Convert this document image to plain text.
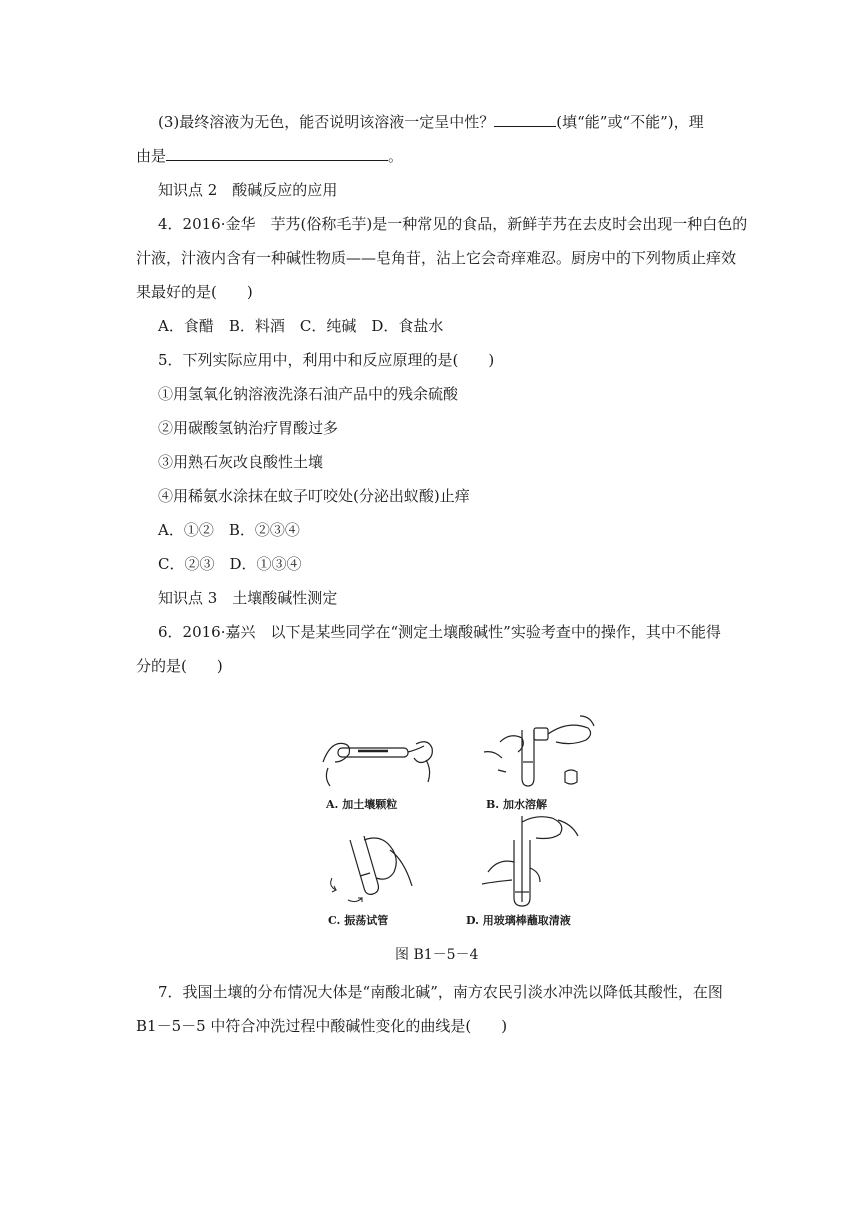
(3)最终溶液为无色，能否说明该溶液一定呈中性？	(填“能”或“不能”)，理
由是	。
知识点 2　酸碱反应的应用
4．2016·金华　芋艿(俗称毛芋)是一种常见的食品，新鲜芋艿在去皮时会出现一种白色的
汁液，汁液内含有一种碱性物质——皂角苷，沾上它会奇痒难忍。厨房中的下列物质止痒效
果最好的是(　　)
A．食醋　B．料酒　C．纯碱　D．食盐水
5．下列实际应用中，利用中和反应原理的是(　　)
①用氢氧化钠溶液洗涤石油产品中的残余硫酸
②用碳酸氢钠治疗胃酸过多
③用熟石灰改良酸性土壤
④用稀氨水涂抹在蚊子叮咬处(分泌出蚁酸)止痒
A．①②　B．②③④
C．②③　D．①③④
知识点 3　土壤酸碱性测定
6．2016·嘉兴　以下是某些同学在“测定土壤酸碱性”实验考查中的操作，其中不能得
分的是(　　)
A. 加土壤颗粒	B. 加水溶解
C. 振荡试管	D. 用玻璃棒蘸取清液
图 B1－5－4
7．我国土壤的分布情况大体是“南酸北碱”，南方农民引淡水冲洗以降低其酸性，在图
B1－5－5 中符合冲洗过程中酸碱性变化的曲线是(　　)
